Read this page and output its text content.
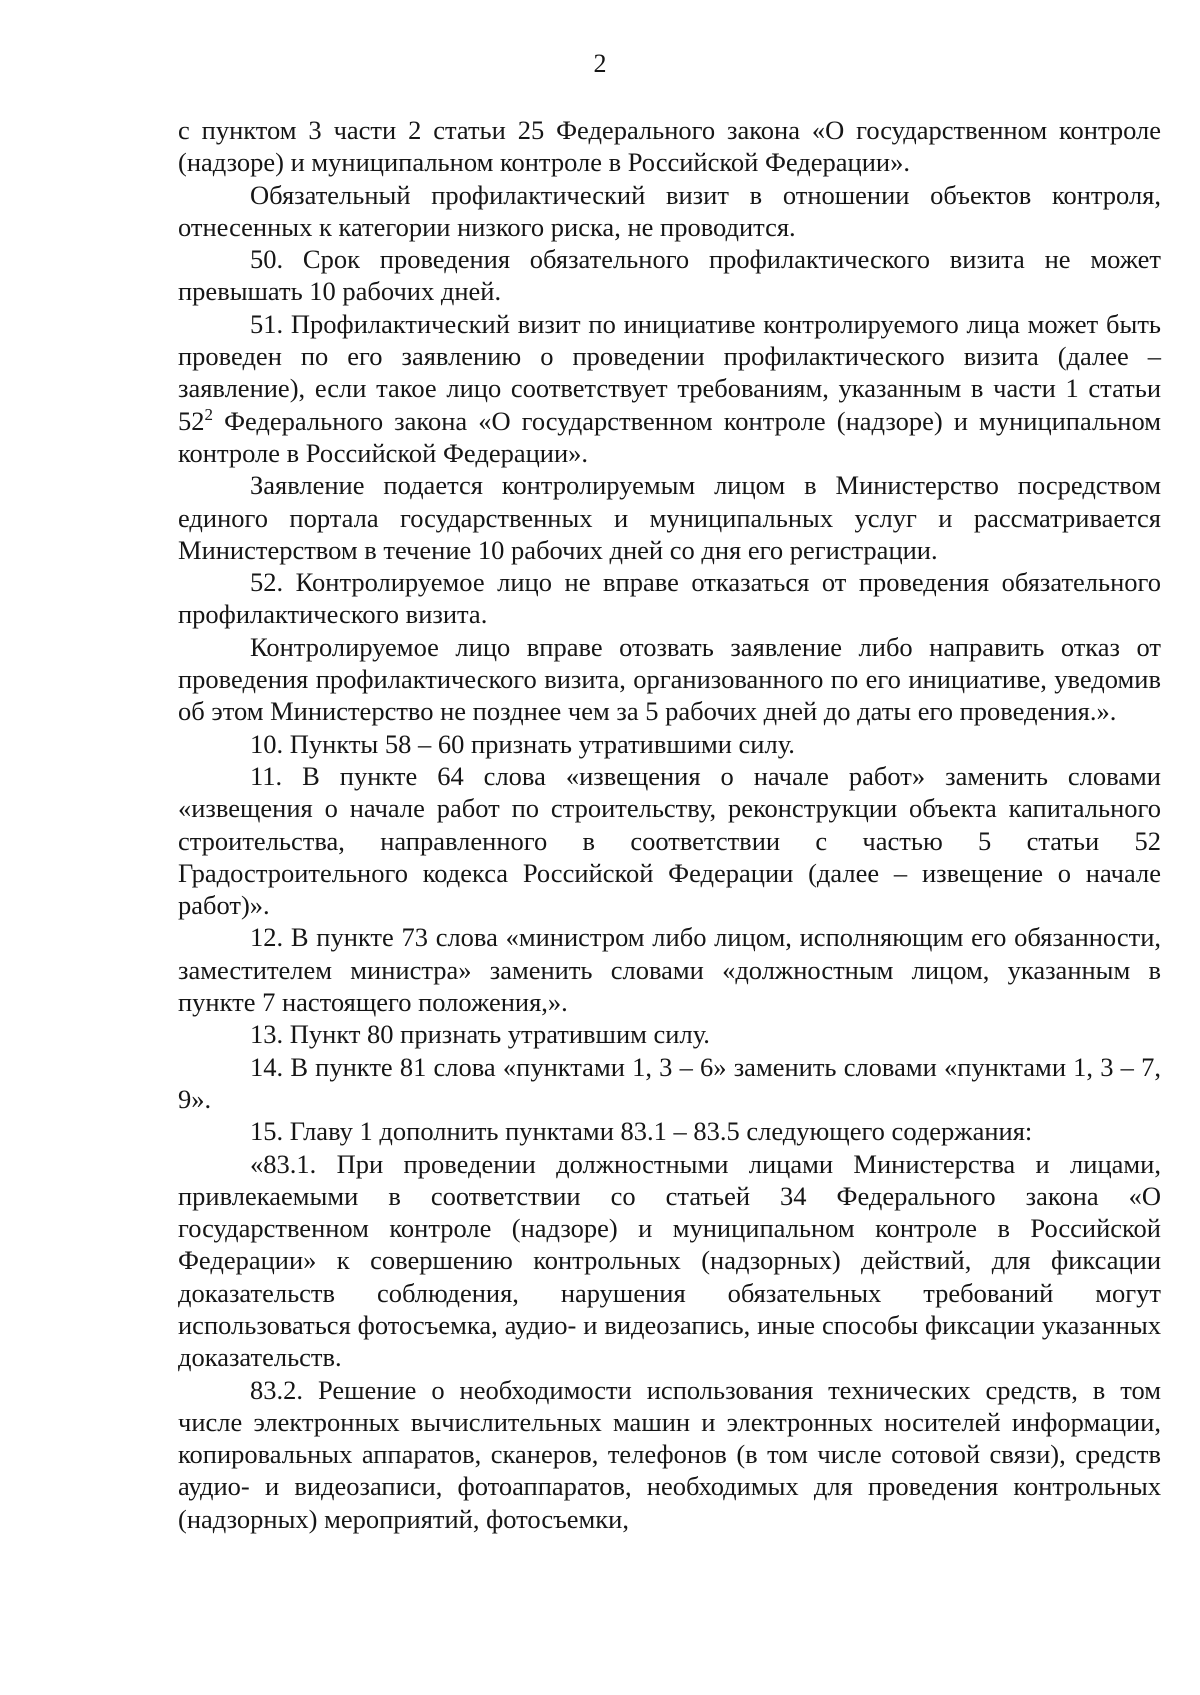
2

с пунктом 3 части 2 статьи 25 Федерального закона «О государственном контроле (надзоре) и муниципальном контроле в Российской Федерации».

Обязательный профилактический визит в отношении объектов контроля, отнесенных к категории низкого риска, не проводится.

50. Срок проведения обязательного профилактического визита не может превышать 10 рабочих дней.

51. Профилактический визит по инициативе контролируемого лица может быть проведен по его заявлению о проведении профилактического визита (далее – заявление), если такое лицо соответствует требованиям, указанным в части 1 статьи $52^2$ Федерального закона «О государственном контроле (надзоре) и муниципальном контроле в Российской Федерации».

Заявление подается контролируемым лицом в Министерство посредством единого портала государственных и муниципальных услуг и рассматривается Министерством в течение 10 рабочих дней со дня его регистрации.

52. Контролируемое лицо не вправе отказаться от проведения обязательного профилактического визита.

Контролируемое лицо вправе отозвать заявление либо направить отказ от проведения профилактического визита, организованного по его инициативе, уведомив об этом Министерство не позднее чем за 5 рабочих дней до даты его проведения.».

10. Пункты 58 – 60 признать утратившими силу.

11. В пункте 64 слова «извещения о начале работ» заменить словами «извещения о начале работ по строительству, реконструкции объекта капитального строительства, направленного в соответствии с частью 5 статьи 52 Градостроительного кодекса Российской Федерации (далее – извещение о начале работ)».

12. В пункте 73 слова «министром либо лицом, исполняющим его обязанности, заместителем министра» заменить словами «должностным лицом, указанным в пункте 7 настоящего положения,».

13. Пункт 80 признать утратившим силу.

14. В пункте 81 слова «пунктами 1, 3 – 6» заменить словами «пунктами 1, 3 – 7, 9».

15. Главу 1 дополнить пунктами 83.1 – 83.5 следующего содержания:

«83.1. При проведении должностными лицами Министерства и лицами, привлекаемыми в соответствии со статьей 34 Федерального закона «О государственном контроле (надзоре) и муниципальном контроле в Российской Федерации» к совершению контрольных (надзорных) действий, для фиксации доказательств соблюдения, нарушения обязательных требований могут использоваться фотосъемка, аудио- и видеозапись, иные способы фиксации указанных доказательств.

83.2. Решение о необходимости использования технических средств, в том числе электронных вычислительных машин и электронных носителей информации, копировальных аппаратов, сканеров, телефонов (в том числе сотовой связи), средств аудио- и видеозаписи, фотоаппаратов, необходимых для проведения контрольных (надзорных) мероприятий, фотосъемки,
